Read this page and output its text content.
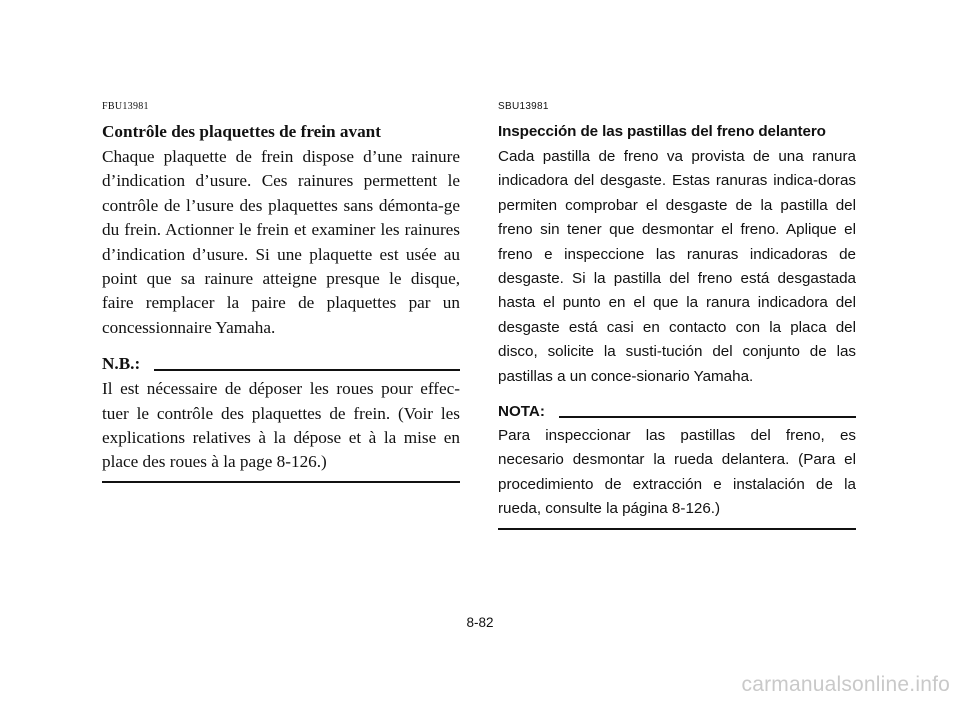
FBU13981
Contrôle des plaquettes de frein avant

Chaque plaquette de frein dispose d’une rainure d’indication d’usure. Ces rainures permettent le contrôle de l’usure des plaquettes sans démonta-ge du frein. Actionner le frein et examiner les rainures d’indication d’usure. Si une plaquette est usée au point que sa rainure atteigne presque le disque, faire remplacer la paire de plaquettes par un concessionnaire Yamaha.

N.B.:

Il est nécessaire de déposer les roues pour effec-tuer le contrôle des plaquettes de frein. (Voir les explications relatives à la dépose et à la mise en place des roues à la page 8-126.)

SBU13981
Inspección de las pastillas del freno delantero

Cada pastilla de freno va provista de una ranura indicadora del desgaste. Estas ranuras indica-doras permiten comprobar el desgaste de la pastilla del freno sin tener que desmontar el freno. Aplique el freno e inspeccione las ranuras indicadoras de desgaste. Si la pastilla del freno está desgastada hasta el punto en el que la ranura indicadora del desgaste está casi en contacto con la placa del disco, solicite la susti-tución del conjunto de las pastillas a un conce-sionario Yamaha.

NOTA:

Para inspeccionar las pastillas del freno, es necesario desmontar la rueda delantera. (Para el procedimiento de extracción e instalación de la rueda, consulte la página 8-126.)

8-82
carmanualsonline.info
